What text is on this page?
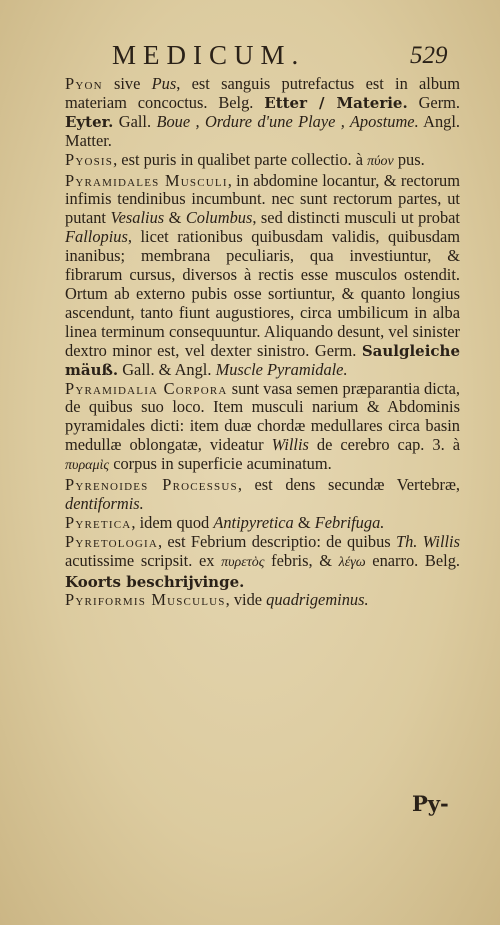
MEDICUM.	529

Pyon sive Pus, est sanguis putrefactus est in album materiam concoctus. Belg. Etter / Materie. Germ. Eyter. Gall. Boue , Ordure d'une Playe , Apostume. Angl. Matter.

Pyosis, est puris in qualibet parte collectio. à πύον pus.

Pyramidales Musculi, in abdomine locantur, & rectorum infimis tendinibus incumbunt. nec sunt rectorum partes, ut putant Vesalius & Columbus, sed distincti musculi ut probat Fallopius, licet rationibus quibusdam validis, quibusdam inanibus; membrana peculiaris, qua investiuntur, & fibrarum cursus, diversos à rectis esse musculos ostendit. Ortum ab externo pubis osse sortiuntur, & quanto longius ascendunt, tanto fiunt augustiores, circa umbilicum in alba linea terminum consequuntur. Aliquando desunt, vel sinister dextro minor est, vel dexter sinistro. Germ. Saulgleiche mäuß. Gall. & Angl. Muscle Pyramidale.

Pyramidalia Corpora sunt vasa semen præparantia dicta, de quibus suo loco. Item musculi narium & Abdominis pyramidales dicti: item duæ chordæ medullares circa basin medullæ oblongatæ, videatur Willis de cerebro cap. 3. à πυραμὶς corpus in superficie acuminatum.

Pyrenoides Processus, est dens secundæ Vertebræ, dentiformis.

Pyretica, idem quod Antipyretica & Febrifuga.

Pyretologia, est Febrium descriptio: de quibus Th. Willis acutissime scripsit. ex πυρετὸς febris, & λέγω enarro. Belg. Koorts beschrijvinge.

Pyriformis Musculus, vide quadrigeminus.

Py-
